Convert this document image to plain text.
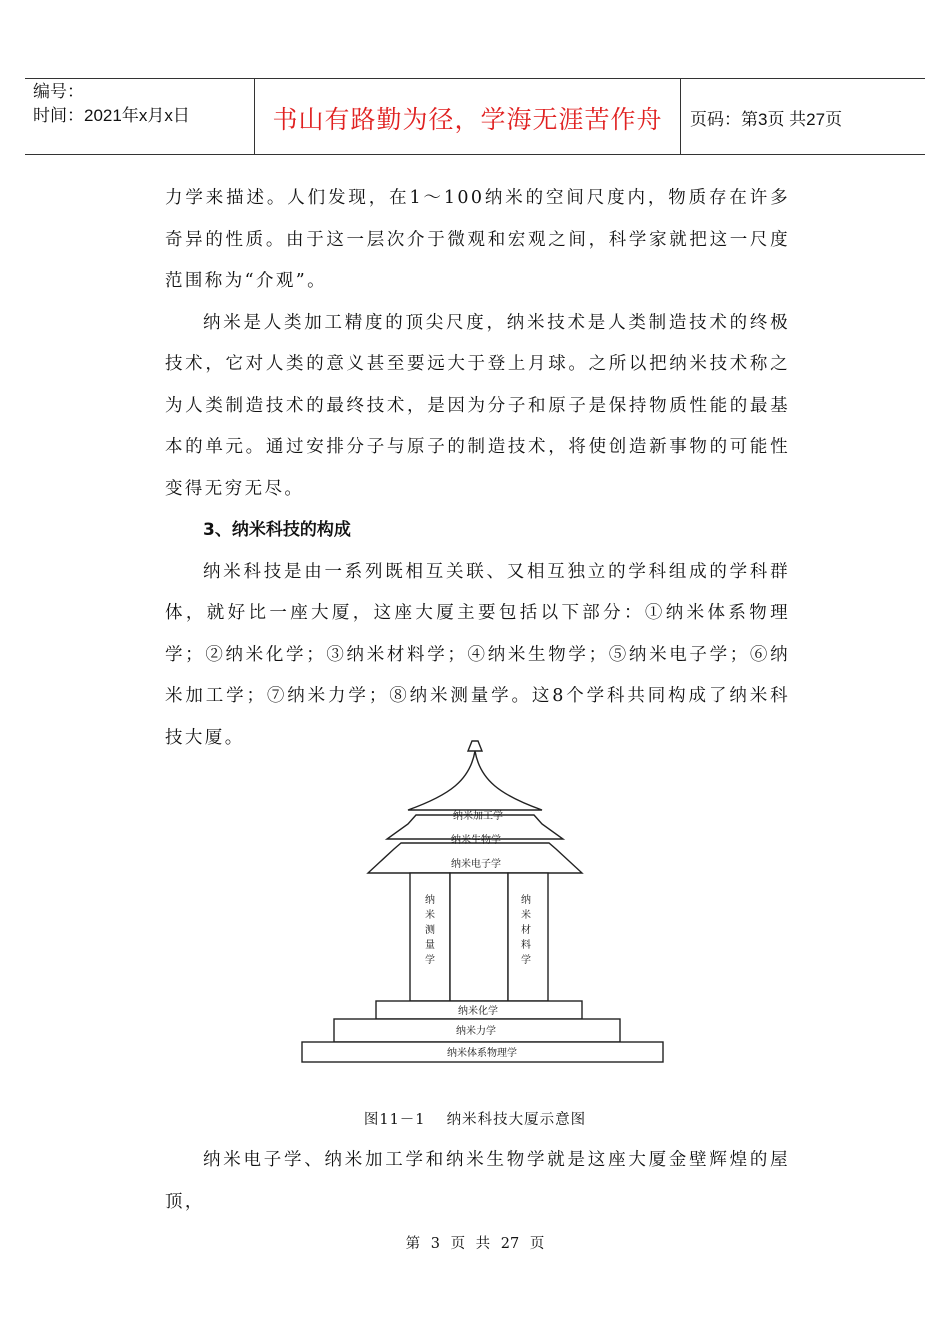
编号：
时间：2021年x月x日	书山有路勤为径，学海无涯苦作舟	页码：第3页 共27页

力学来描述。人们发现，在1～100纳米的空间尺度内，物质存在许多奇异的性质。由于这一层次介于微观和宏观之间，科学家就把这一尺度范围称为“介观”。

纳米是人类加工精度的顶尖尺度，纳米技术是人类制造技术的终极技术，它对人类的意义甚至要远大于登上月球。之所以把纳米技术称之为人类制造技术的最终技术，是因为分子和原子是保持物质性能的最基本的单元。通过安排分子与原子的制造技术，将使创造新事物的可能性变得无穷无尽。

3、纳米科技的构成

纳米科技是由一系列既相互关联、又相互独立的学科组成的学科群体，就好比一座大厦，这座大厦主要包括以下部分：①纳米体系物理学；②纳米化学；③纳米材料学；④纳米生物学；⑤纳米电子学；⑥纳米加工学；⑦纳米力学；⑧纳米测量学。这8个学科共同构成了纳米科技大厦。

纳米加工学
纳米生物学
纳米电子学
纳米化学
纳米力学
纳米体系物理学
纳米测量学
纳米材料学
图11－1　 纳米科技大厦示意图

纳米电子学、纳米加工学和纳米生物学就是这座大厦金壁辉煌的屋顶，

第 3 页 共 27 页
